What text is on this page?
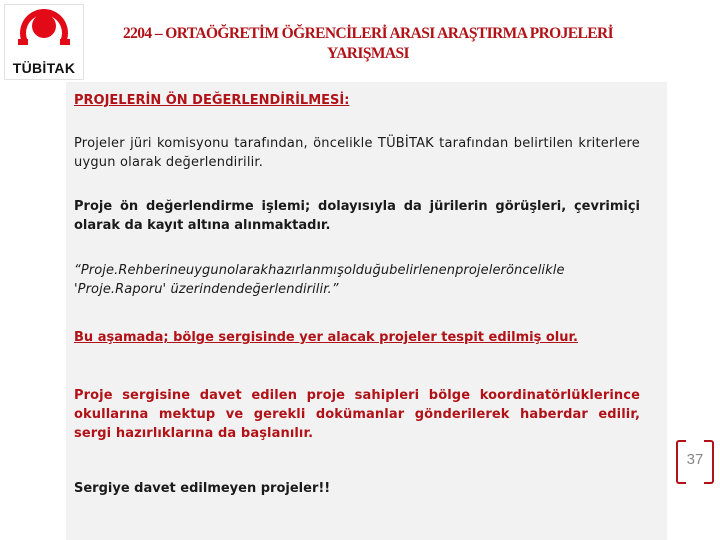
TÜBİTAK
2204 – ORTAÖĞRETİM ÖĞRENCİLERİ ARASI ARAŞTIRMA PROJELERİ
YARIŞMASI
PROJELERİN ÖN DEĞERLENDİRİLMESİ:
Projeler jüri komisyonu tarafından, öncelikle TÜBİTAK tarafından belirtilen kriterlere uygun olarak değerlendirilir.
Proje ön değerlendirme işlemi; dolayısıyla da jürilerin görüşleri, çevrimiçi olarak da kayıt altına alınmaktadır.
“Proje.Rehberineuygunolarakhazırlanmışolduğubelirlenenprojeleröncelikle 'Proje.Raporu' üzerindendeğerlendirilir.”
Bu aşamada; bölge sergisinde yer alacak projeler tespit edilmiş olur.
Proje sergisine davet edilen proje sahipleri bölge koordinatörlüklerince okullarına mektup ve gerekli dokümanlar gönderilerek haberdar edilir, sergi hazırlıklarına da başlanılır.
Sergiye davet edilmeyen projeler!!
37
